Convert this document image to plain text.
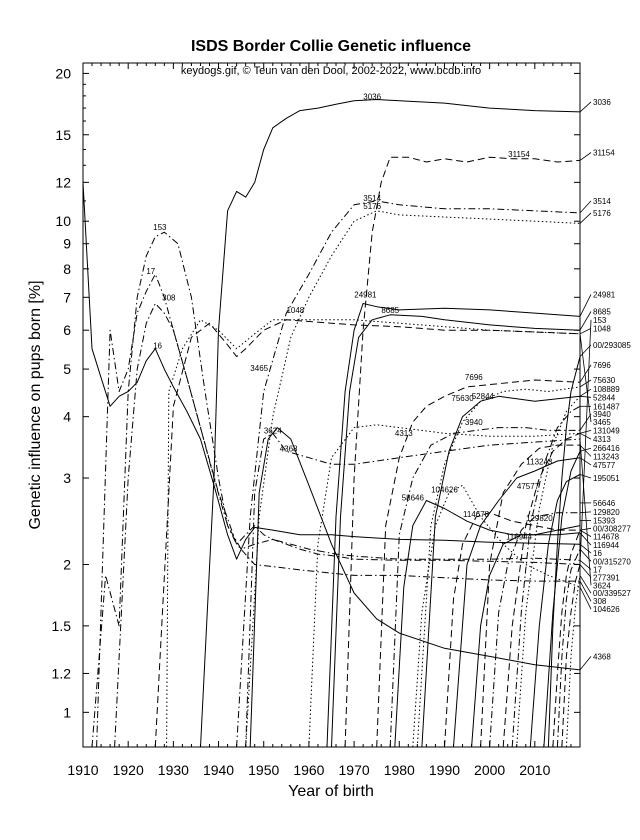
ISDS Border Collie Genetic influence
keydogs.gif, © Teun van den Dool, 2002-2022, www.bcdb.info
1
1.2
1.5
2
3
4
5
6
7
8
9
10
12
15
20
1910 1920 1930 1940 1950 1960 1970 1980 1990 2000 2010
3036
31154
3514
5176
153
17
308
16
1048
3465
3624
4368
24981
8685
7696
75630
52844
3940
4313
113243
47577
58646
104626
114678	129820
116944
3036
31154
3514
5176
24981
8685
153
1048
00/293085
7696
75630
108889
52844
161487
3940
3465
131049
4313
266416
113243
47577
195051
56646
129820
15393
00/308277
114678
116944
16
00/315270
17
277391
3624
00/339527
308
104626
4368
Year of birth
Genetic influence on pups born [%]
